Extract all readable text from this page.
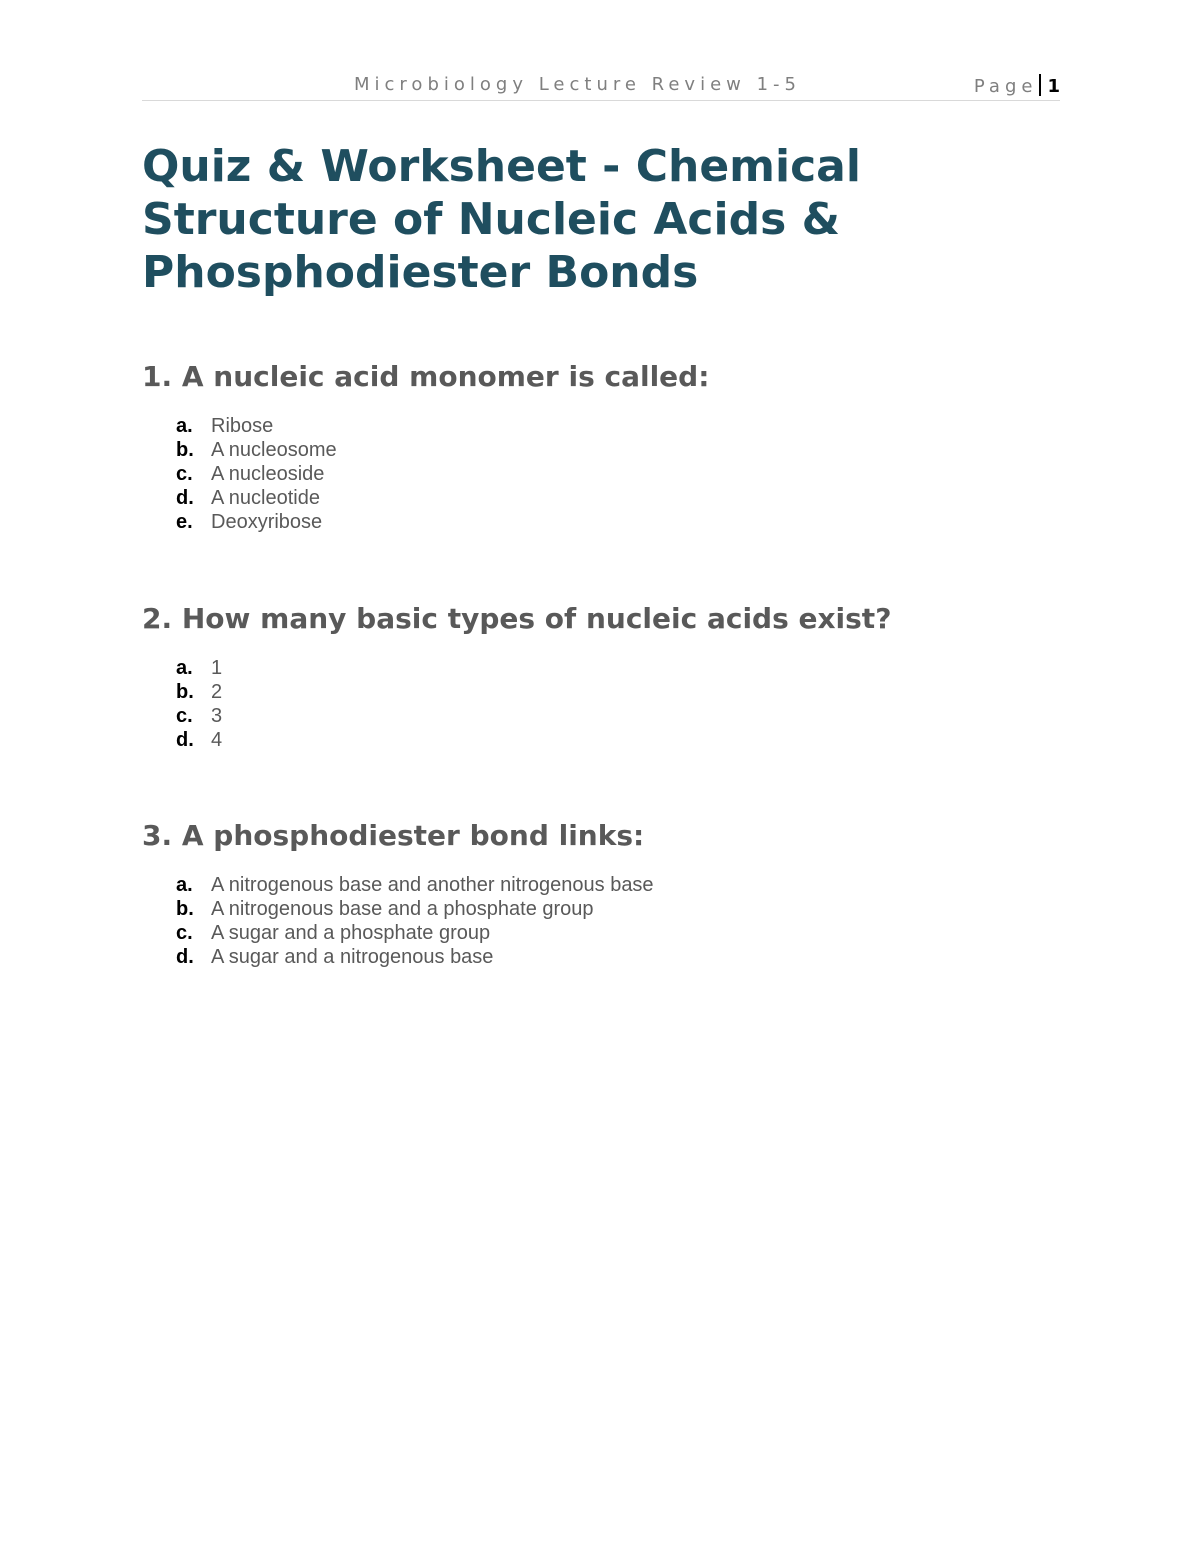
Microbiology Lecture Review 1-5	Page 1
Quiz & Worksheet - Chemical Structure of Nucleic Acids & Phosphodiester Bonds
1. A nucleic acid monomer is called:
a. Ribose
b. A nucleosome
c. A nucleoside
d. A nucleotide
e. Deoxyribose
2. How many basic types of nucleic acids exist?
a. 1
b. 2
c. 3
d. 4
3. A phosphodiester bond links:
a. A nitrogenous base and another nitrogenous base
b. A nitrogenous base and a phosphate group
c. A sugar and a phosphate group
d. A sugar and a nitrogenous base
